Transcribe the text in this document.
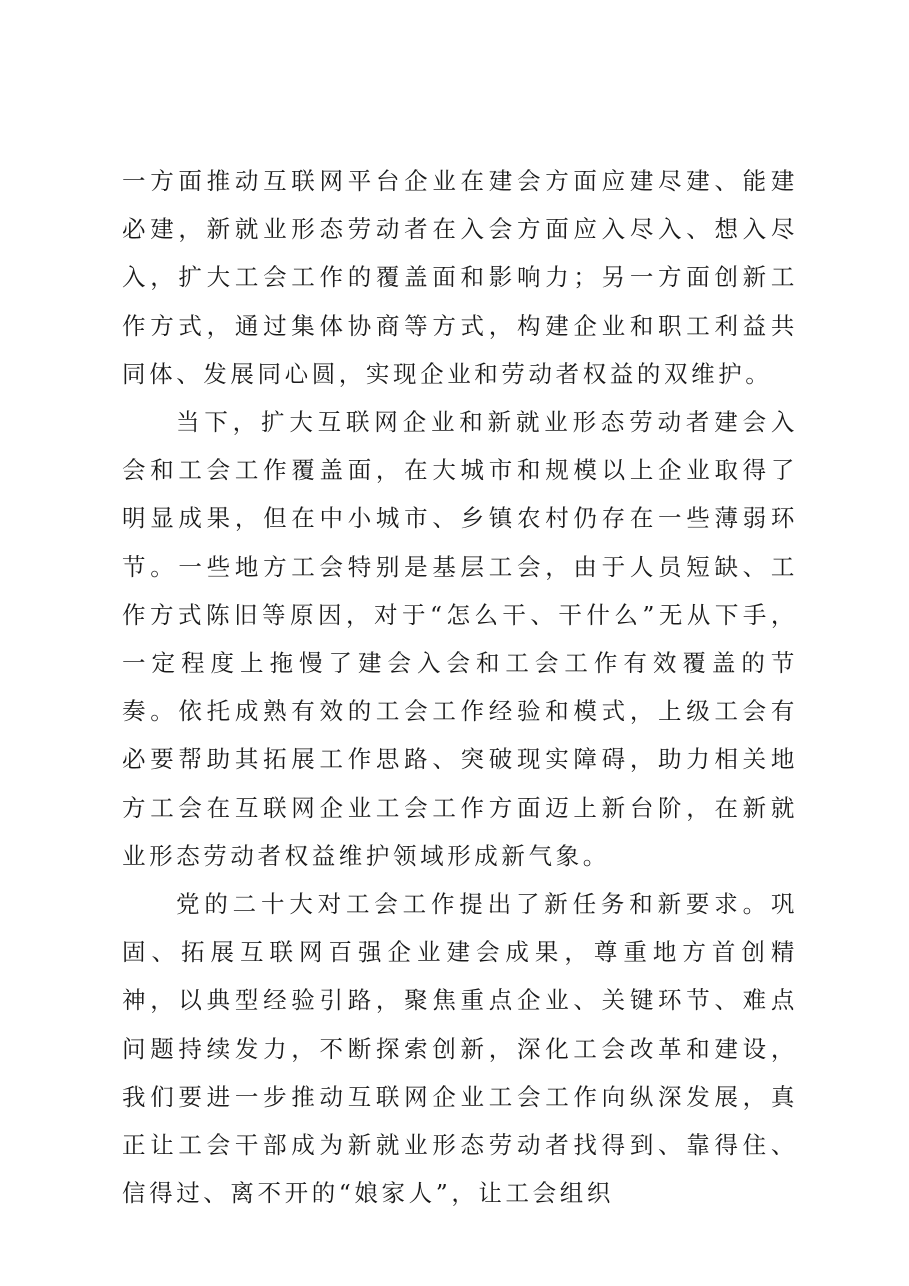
一方面推动互联网平台企业在建会方面应建尽建、能建必建，新就业形态劳动者在入会方面应入尽入、想入尽入，扩大工会工作的覆盖面和影响力；另一方面创新工作方式，通过集体协商等方式，构建企业和职工利益共同体、发展同心圆，实现企业和劳动者权益的双维护。

当下，扩大互联网企业和新就业形态劳动者建会入会和工会工作覆盖面，在大城市和规模以上企业取得了明显成果，但在中小城市、乡镇农村仍存在一些薄弱环节。一些地方工会特别是基层工会，由于人员短缺、工作方式陈旧等原因，对于“怎么干、干什么”无从下手，一定程度上拖慢了建会入会和工会工作有效覆盖的节奏。依托成熟有效的工会工作经验和模式，上级工会有必要帮助其拓展工作思路、突破现实障碍，助力相关地方工会在互联网企业工会工作方面迈上新台阶，在新就业形态劳动者权益维护领域形成新气象。

党的二十大对工会工作提出了新任务和新要求。巩固、拓展互联网百强企业建会成果，尊重地方首创精神，以典型经验引路，聚焦重点企业、关键环节、难点问题持续发力，不断探索创新，深化工会改革和建设，我们要进一步推动互联网企业工会工作向纵深发展，真正让工会干部成为新就业形态劳动者找得到、靠得住、信得过、离不开的“娘家人”，让工会组织
